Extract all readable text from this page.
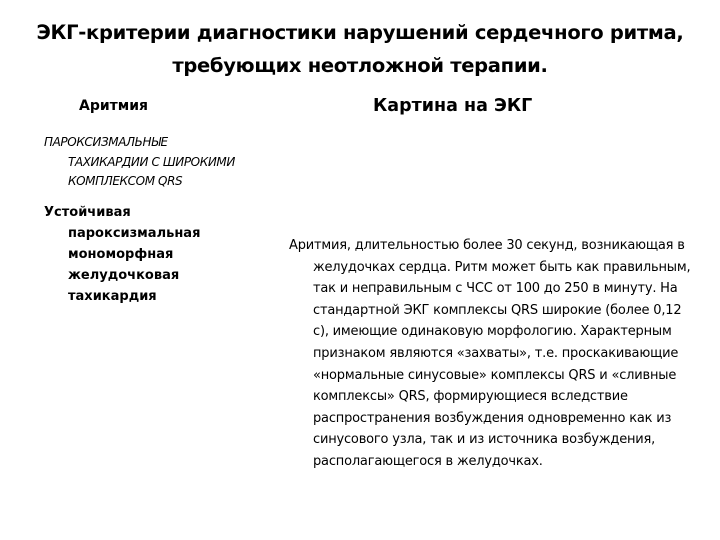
ЭКГ-критерии диагностики нарушений сердечного ритма, требующих неотложной терапии.
Аритмия	Картина на ЭКГ

ПАРОКСИЗМАЛЬНЫЕ ТАХИКАРДИИ С ШИРОКИМИ КОМПЛЕКСОМ QRS

Устойчивая пароксизмальная мономорфная желудочковая тахикардия

Аритмия, длительностью более 30 секунд, возникающая в желудочках сердца. Ритм может быть как правильным, так и неправильным с ЧСС от 100 до 250 в минуту. На стандартной ЭКГ комплексы QRS широкие (более 0,12 с), имеющие одинаковую морфологию. Характерным признаком являются «захваты», т.е. проскакивающие «нормальные синусовые» комплексы QRS и «сливные комплексы» QRS, формирующиеся вследствие распространения возбуждения одновременно как из синусового узла, так и из источника возбуждения, располагающегося в желудочках.
